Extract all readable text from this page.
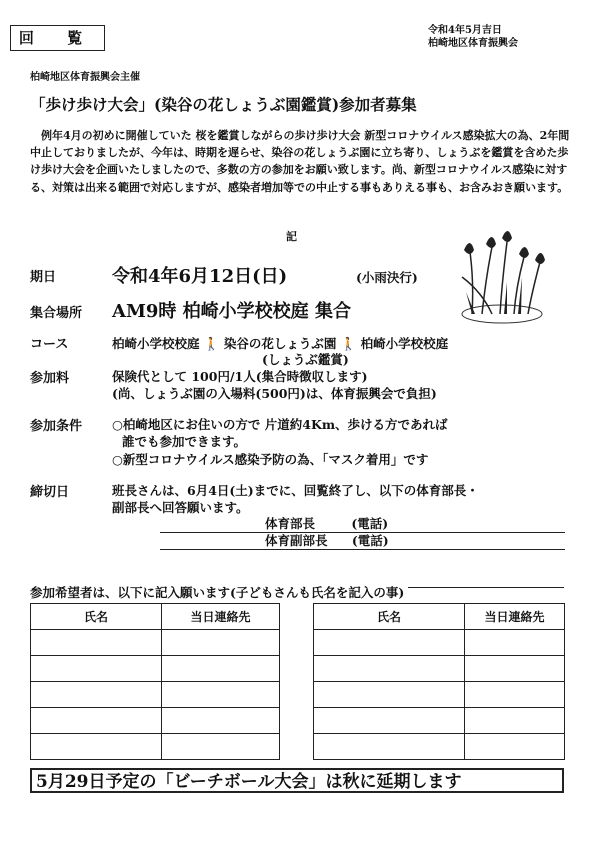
回 覧	令和4年5月吉日
柏崎地区体育振興会
柏崎地区体育振興会主催
「歩け歩け大会」(染谷の花しょうぶ園鑑賞)参加者募集
例年4月の初めに開催していた 桜を鑑賞しながらの歩け歩け大会 新型コロナウイルス感染拡大の為、2年間中止しておりましたが、今年は、時期を遅らせ、染谷の花しょうぶ園に立ち寄り、しょうぶを鑑賞を含めた歩け歩け大会を企画いたしましたので、多数の方の参加をお願い致します。尚、新型コロナウイルス感染に対する、対策は出来る範囲で対応しますが、感染者増加等での中止する事もありえる事も、お含みおき願います。
記
期日	令和4年6月12日(日)	(小雨決行)
集合場所 AM9時 柏崎小学校校庭 集合
コース	柏崎小学校校庭 🚶 染谷の花しょうぶ園 🚶 柏崎小学校校庭
(しょうぶ鑑賞)
参加料	保険代として 100円/1人(集合時徴収します)
(尚、しょうぶ園の入場料(500円)は、体育振興会で負担)
参加条件 ○柏崎地区にお住いの方で 片道約4Km、歩ける方であれば
誰でも参加できます。
○新型コロナウイルス感染予防の為、「マスク着用」です
締切日	班長さんは、6月4日(土)までに、回覧終了し、以下の体育部長・
副部長へ回答願います。
体育部長	(電話)
体育副部長 (電話)
参加希望者は、以下に記入願います(子どもさんも氏名を記入の事)
氏名	当日連絡先

		氏名	当日連絡先

5月29日予定の「ビーチボール大会」は秋に延期します
